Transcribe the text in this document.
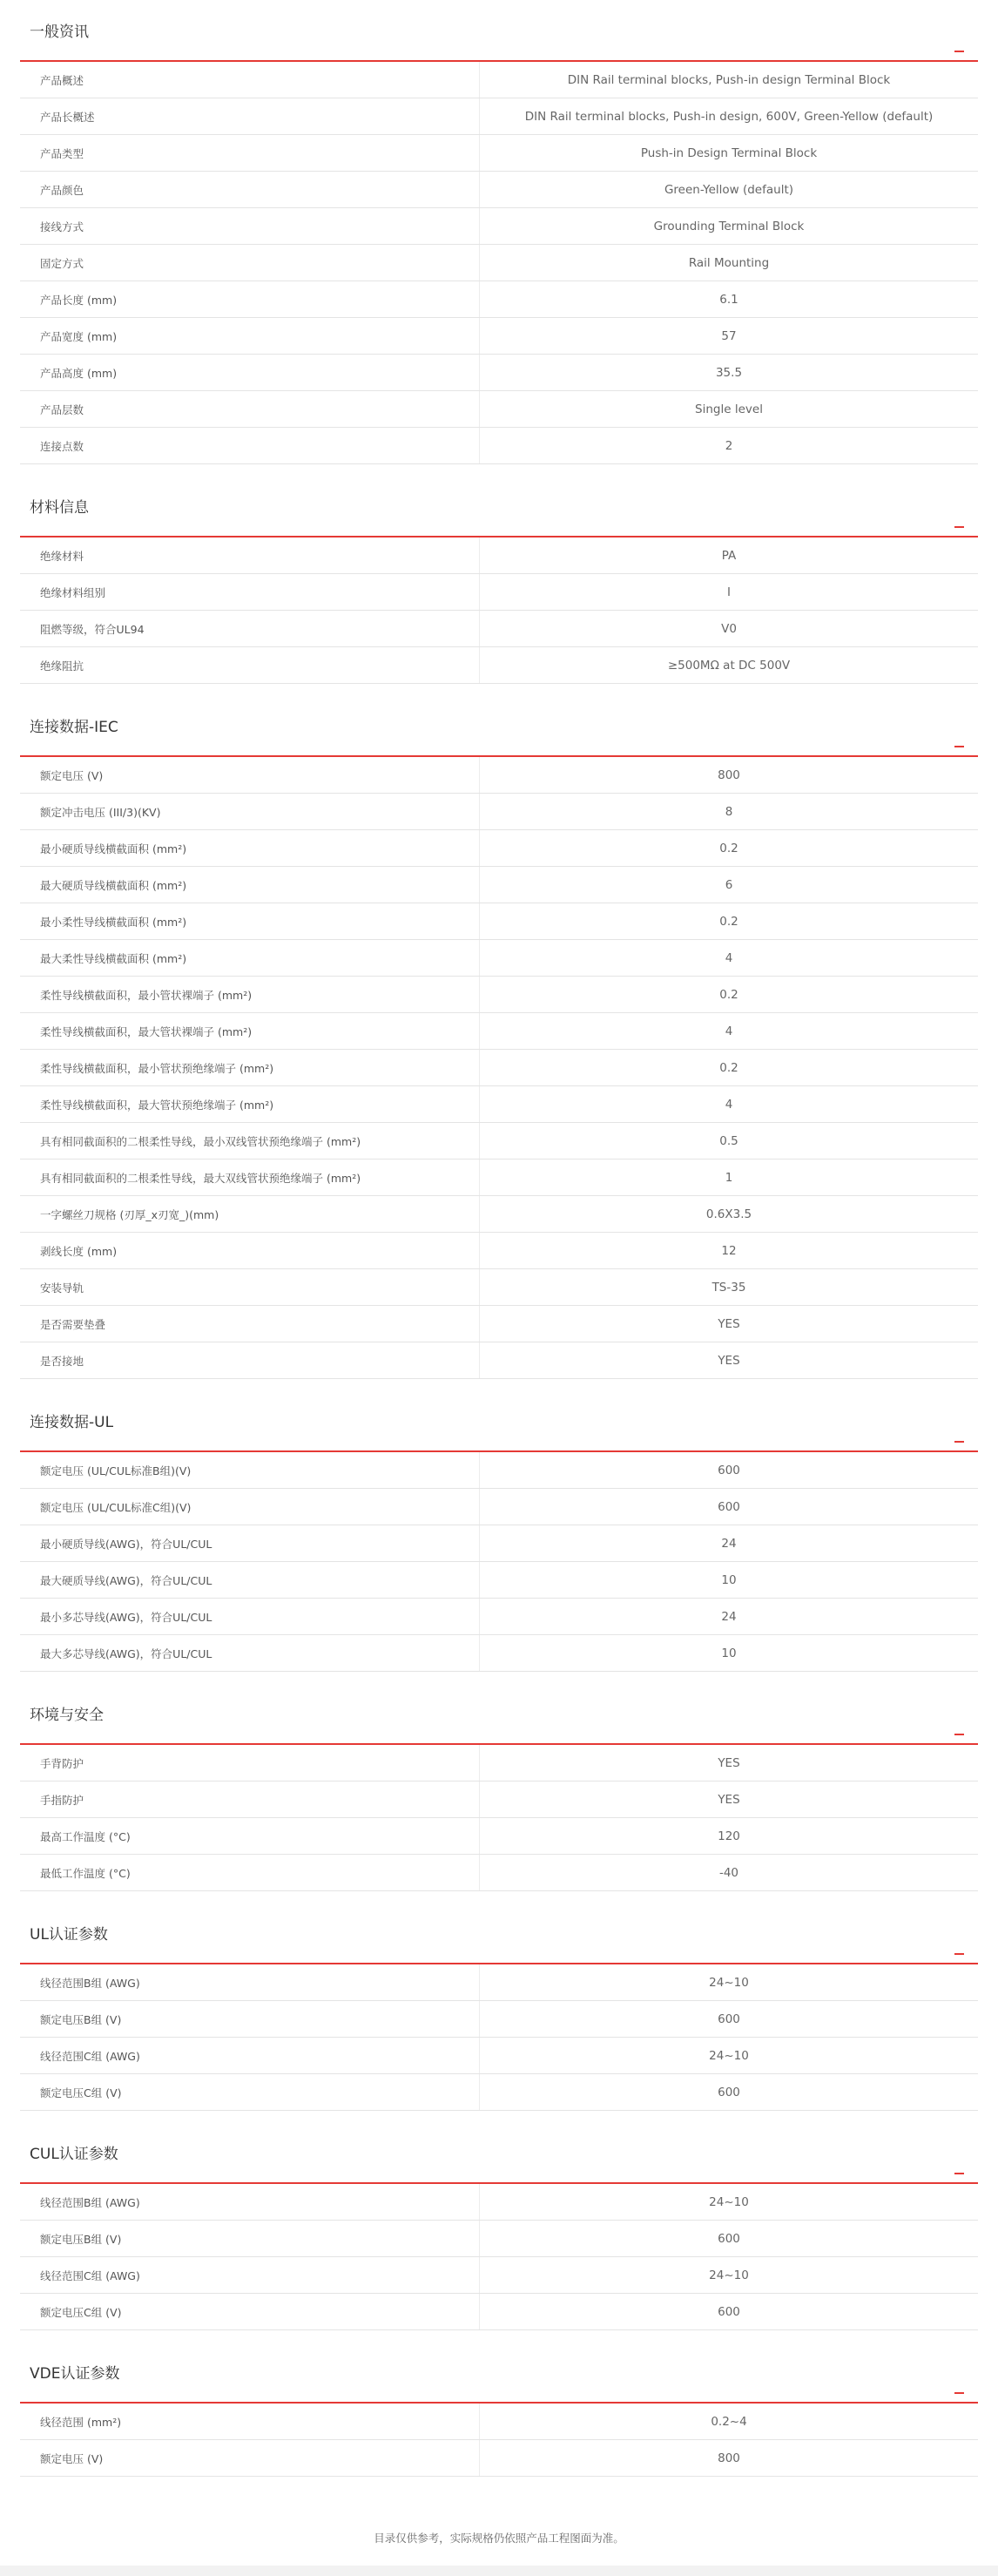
一般资讯
产品概述	DIN Rail terminal blocks, Push-in design Terminal Block
产品长概述	DIN Rail terminal blocks, Push-in design, 600V, Green-Yellow (default)
产品类型	Push-in Design Terminal Block
产品颜色	Green-Yellow (default)
接线方式	Grounding Terminal Block
固定方式	Rail Mounting
产品长度 (mm)	6.1
产品宽度 (mm)	57
产品高度 (mm)	35.5
产品层数	Single level
连接点数	2
材料信息
绝缘材料	PA
绝缘材料组别	I
阻燃等级，符合UL94	V0
绝缘阻抗	≥500MΩ at DC 500V
连接数据-IEC
额定电压 (V)	800
额定冲击电压 (III/3)(KV)	8
最小硬质导线横截面积 (mm²)	0.2
最大硬质导线横截面积 (mm²)	6
最小柔性导线横截面积 (mm²)	0.2
最大柔性导线横截面积 (mm²)	4
柔性导线横截面积，最小管状裸端子 (mm²)	0.2
柔性导线横截面积，最大管状裸端子 (mm²)	4
柔性导线横截面积，最小管状预绝缘端子 (mm²)	0.2
柔性导线横截面积，最大管状预绝缘端子 (mm²)	4
具有相同截面积的二根柔性导线，最小双线管状预绝缘端子 (mm²)	0.5
具有相同截面积的二根柔性导线，最大双线管状预绝缘端子 (mm²)	1
一字螺丝刀规格 (刃厚_x刃宽_)(mm)	0.6X3.5
剥线长度 (mm)	12
安装导轨	TS-35
是否需要垫叠	YES
是否接地	YES
连接数据-UL
额定电压 (UL/CUL标准B组)(V)	600
额定电压 (UL/CUL标准C组)(V)	600
最小硬质导线(AWG)，符合UL/CUL	24
最大硬质导线(AWG)，符合UL/CUL	10
最小多芯导线(AWG)，符合UL/CUL	24
最大多芯导线(AWG)，符合UL/CUL	10
环境与安全
手背防护	YES
手指防护	YES
最高工作温度 (°C)	120
最低工作温度 (°C)	-40
UL认证参数
线径范围B组 (AWG)	24~10
额定电压B组 (V)	600
线径范围C组 (AWG)	24~10
额定电压C组 (V)	600
CUL认证参数
线径范围B组 (AWG)	24~10
额定电压B组 (V)	600
线径范围C组 (AWG)	24~10
额定电压C组 (V)	600
VDE认证参数
线径范围 (mm²)	0.2~4
额定电压 (V)	800
目录仅供参考，实际规格仍依照产品工程图面为准。
